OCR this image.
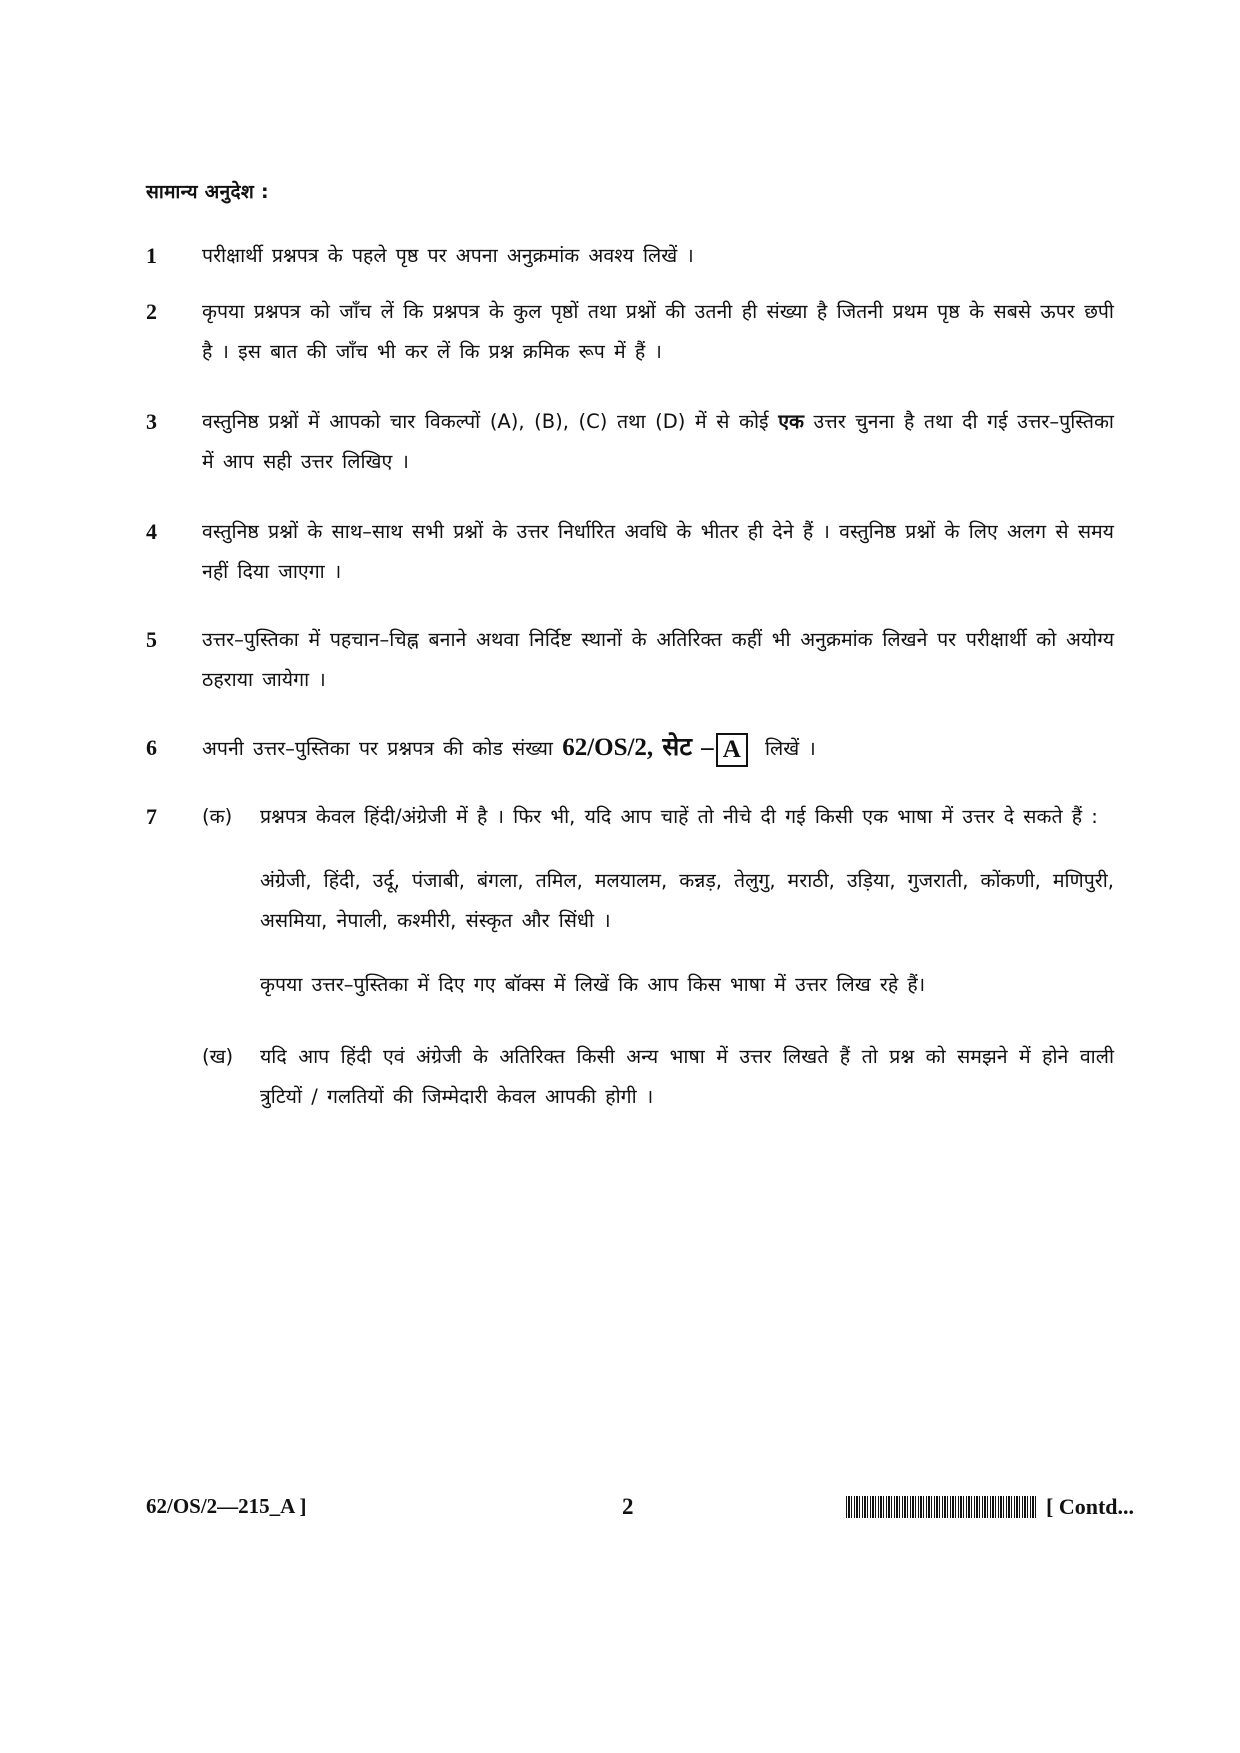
सामान्य अनुदेश :
1	परीक्षार्थी प्रश्नपत्र के पहले पृष्ठ पर अपना अनुक्रमांक अवश्य लिखें ।
2	कृपया प्रश्नपत्र को जाँच लें कि प्रश्नपत्र के कुल पृष्ठों तथा प्रश्नों की उतनी ही संख्या है जितनी प्रथम पृष्ठ के सबसे ऊपर छपी है । इस बात की जाँच भी कर लें कि प्रश्न क्रमिक रूप में हैं ।
3	वस्तुनिष्ठ प्रश्नों में आपको चार विकल्पों (A), (B), (C) तथा (D) में से कोई एक उत्तर चुनना है तथा दी गई उत्तर–पुस्तिका में आप सही उत्तर लिखिए ।
4	वस्तुनिष्ठ प्रश्नों के साथ–साथ सभी प्रश्नों के उत्तर निर्धारित अवधि के भीतर ही देने हैं । वस्तुनिष्ठ प्रश्नों के लिए अलग से समय नहीं दिया जाएगा ।
5	उत्तर–पुस्तिका में पहचान–चिह्न बनाने अथवा निर्दिष्ट स्थानों के अतिरिक्त कहीं भी अनुक्रमांक लिखने पर परीक्षार्थी को अयोग्य ठहराया जायेगा ।
6	अपनी उत्तर–पुस्तिका पर प्रश्नपत्र की कोड संख्या 62/OS/2, सेट – A लिखें ।
7	(क)	प्रश्नपत्र केवल हिंदी/अंग्रेजी में है । फिर भी, यदि आप चाहें तो नीचे दी गई किसी एक भाषा में उत्तर दे सकते हैं :
अंग्रेजी, हिंदी, उर्दू, पंजाबी, बंगला, तमिल, मलयालम, कन्नड़, तेलुगु, मराठी, उड़िया, गुजराती, कोंकणी, मणिपुरी, असमिया, नेपाली, कश्मीरी, संस्कृत और सिंधी ।
कृपया उत्तर–पुस्तिका में दिए गए बॉक्स में लिखें कि आप किस भाषा में उत्तर लिख रहे हैं।
(ख)	यदि आप हिंदी एवं अंग्रेजी के अतिरिक्त किसी अन्य भाषा में उत्तर लिखते हैं तो प्रश्न को समझने में होने वाली त्रुटियों / गलतियों की जिम्मेदारी केवल आपकी होगी ।
62/OS/2—215_A ]	2	[ Contd...
